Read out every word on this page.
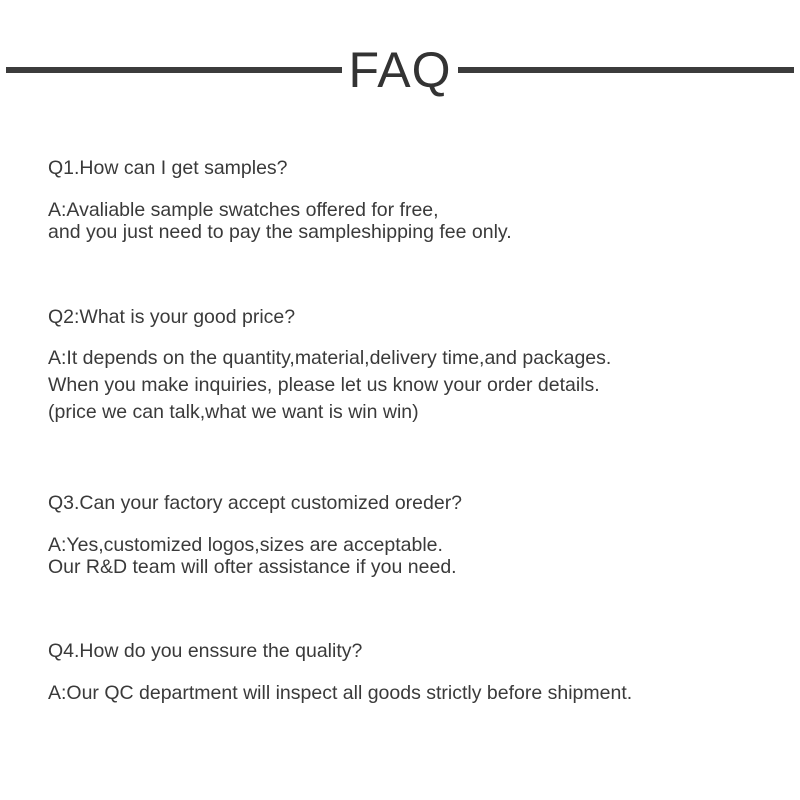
FAQ

Q1.How can I get samples?

A:Avaliable sample swatches offered for free,
and you just need to pay the sampleshipping fee only.

Q2:What is your good price?

A:It depends on the quantity,material,delivery time,and packages.
When you make inquiries, please let us know your order details.
(price we can talk,what we want is win win)

Q3.Can your factory accept customized oreder?

A:Yes,customized logos,sizes are acceptable.
Our R&D team will ofter assistance if you need.

Q4.How do you enssure the quality?

A:Our QC department will inspect all goods strictly before shipment.
